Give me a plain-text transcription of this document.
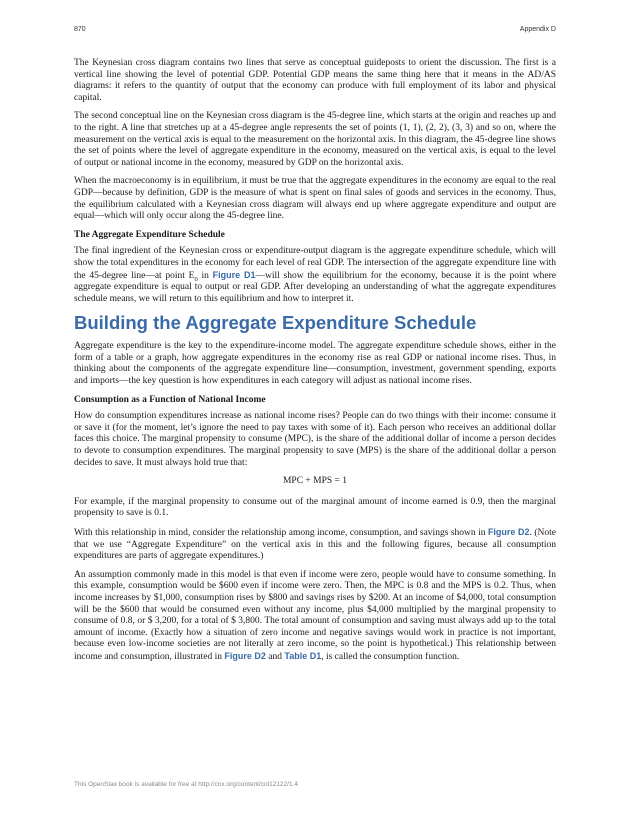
870	Appendix D

The Keynesian cross diagram contains two lines that serve as conceptual guideposts to orient the discussion. The first is a vertical line showing the level of potential GDP. Potential GDP means the same thing here that it means in the AD/AS diagrams: it refers to the quantity of output that the economy can produce with full employment of its labor and physical capital.

The second conceptual line on the Keynesian cross diagram is the 45-degree line, which starts at the origin and reaches up and to the right. A line that stretches up at a 45-degree angle represents the set of points (1, 1), (2, 2), (3, 3) and so on, where the measurement on the vertical axis is equal to the measurement on the horizontal axis. In this diagram, the 45-degree line shows the set of points where the level of aggregate expenditure in the economy, measured on the vertical axis, is equal to the level of output or national income in the economy, measured by GDP on the horizontal axis.

When the macroeconomy is in equilibrium, it must be true that the aggregate expenditures in the economy are equal to the real GDP—because by definition, GDP is the measure of what is spent on final sales of goods and services in the economy. Thus, the equilibrium calculated with a Keynesian cross diagram will always end up where aggregate expenditure and output are equal—which will only occur along the 45-degree line.

The Aggregate Expenditure Schedule

The final ingredient of the Keynesian cross or expenditure-output diagram is the aggregate expenditure schedule, which will show the total expenditures in the economy for each level of real GDP. The intersection of the aggregate expenditure line with the 45-degree line—at point $E_0$ in Figure D1—will show the equilibrium for the economy, because it is the point where aggregate expenditure is equal to output or real GDP. After developing an understanding of what the aggregate expenditures schedule means, we will return to this equilibrium and how to interpret it.

Building the Aggregate Expenditure Schedule

Aggregate expenditure is the key to the expenditure-income model. The aggregate expenditure schedule shows, either in the form of a table or a graph, how aggregate expenditures in the economy rise as real GDP or national income rises. Thus, in thinking about the components of the aggregate expenditure line—consumption, investment, government spending, exports and imports—the key question is how expenditures in each category will adjust as national income rises.

Consumption as a Function of National Income

How do consumption expenditures increase as national income rises? People can do two things with their income: consume it or save it (for the moment, let’s ignore the need to pay taxes with some of it). Each person who receives an additional dollar faces this choice. The marginal propensity to consume (MPC), is the share of the additional dollar of income a person decides to devote to consumption expenditures. The marginal propensity to save (MPS) is the share of the additional dollar a person decides to save. It must always hold true that:

MPC + MPS = 1

For example, if the marginal propensity to consume out of the marginal amount of income earned is 0.9, then the marginal propensity to save is 0.1.

With this relationship in mind, consider the relationship among income, consumption, and savings shown in Figure D2. (Note that we use “Aggregate Expenditure” on the vertical axis in this and the following figures, because all consumption expenditures are parts of aggregate expenditures.)

An assumption commonly made in this model is that even if income were zero, people would have to consume something. In this example, consumption would be $600 even if income were zero. Then, the MPC is 0.8 and the MPS is 0.2. Thus, when income increases by $1,000, consumption rises by $800 and savings rises by $200. At an income of $4,000, total consumption will be the $600 that would be consumed even without any income, plus $4,000 multiplied by the marginal propensity to consume of 0.8, or $ 3,200, for a total of $ 3,800. The total amount of consumption and saving must always add up to the total amount of income. (Exactly how a situation of zero income and negative savings would work in practice is not important, because even low-income societies are not literally at zero income, so the point is hypothetical.) This relationship between income and consumption, illustrated in Figure D2 and Table D1, is called the consumption function.

This OpenStax book is available for free at http://cnx.org/content/col12122/1.4
